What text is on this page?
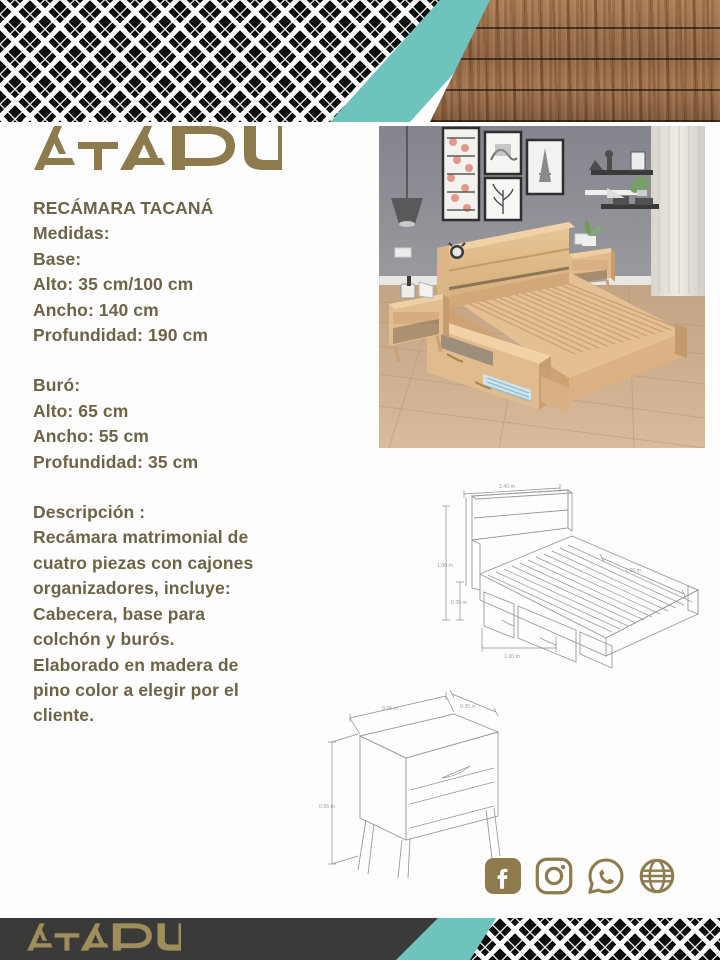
RECÁMARA TACANÁ
Medidas:
Base:
Alto: 35 cm/100 cm
Ancho: 140 cm
Profundidad: 190 cm
Buró:
Alto: 65 cm
Ancho: 55 cm
Profundidad: 35 cm
Descripción :
Recámara matrimonial de
cuatro piezas con cajones
organizadores, incluye:
Cabecera, base para
colchón y burós.
Elaborado en madera de
pino color a elegir por el
cliente.
1.40 m
1.90 m
1.00 m
0.35 m
1.00 m
0.55 m	0.35 m
0.65 m
